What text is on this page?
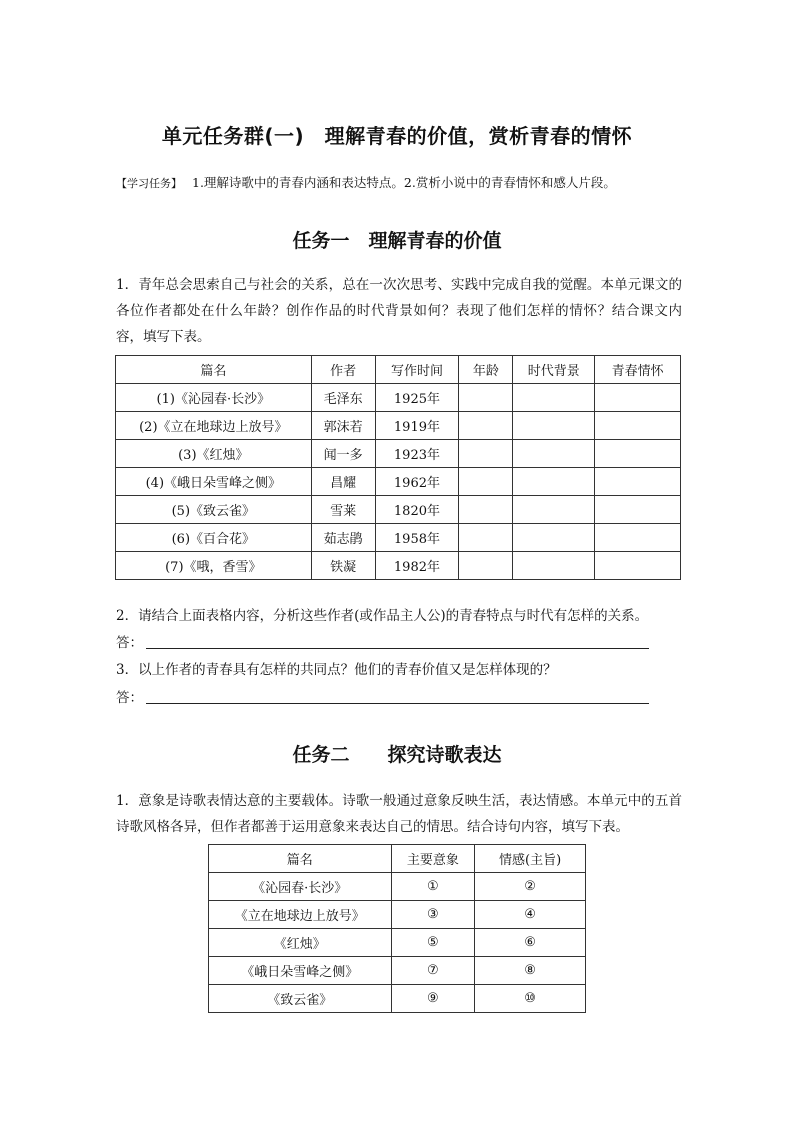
单元任务群(一)　理解青春的价值，赏析青春的情怀
【学习任务】 1.理解诗歌中的青春内涵和表达特点。2.赏析小说中的青春情怀和感人片段。
任务一　理解青春的价值
1．青年总会思索自己与社会的关系，总在一次次思考、实践中完成自我的觉醒。本单元课文的各位作者都处在什么年龄？创作作品的时代背景如何？表现了他们怎样的情怀？结合课文内容，填写下表。
篇名	作者	写作时间	年龄	时代背景	青春情怀
(1)《沁园春·长沙》	毛泽东	1925年			
(2)《立在地球边上放号》	郭沫若	1919年			
(3)《红烛》	闻一多	1923年			
(4)《峨日朵雪峰之侧》	昌耀	1962年			
(5)《致云雀》	雪莱	1820年			
(6)《百合花》	茹志鹃	1958年			
(7)《哦，香雪》	铁凝	1982年			
2．请结合上面表格内容，分析这些作者(或作品主人公)的青春特点与时代有怎样的关系。
答：
3．以上作者的青春具有怎样的共同点？他们的青春价值又是怎样体现的？
答：
任务二　　探究诗歌表达
1．意象是诗歌表情达意的主要载体。诗歌一般通过意象反映生活，表达情感。本单元中的五首诗歌风格各异，但作者都善于运用意象来表达自己的情思。结合诗句内容，填写下表。
篇名	主要意象	情感(主旨)
《沁园春·长沙》	①	②
《立在地球边上放号》	③	④
《红烛》	⑤	⑥
《峨日朵雪峰之侧》	⑦	⑧
《致云雀》	⑨	⑩
